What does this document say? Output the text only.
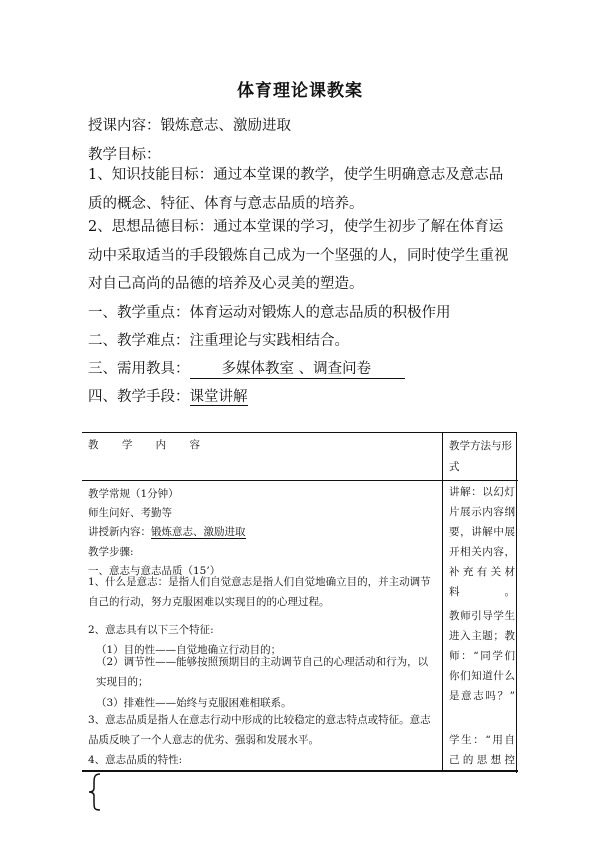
体育理论课教案
授课内容：锻炼意志、激励进取
教学目标：
1、知识技能目标：通过本堂课的教学，使学生明确意志及意志品质的概念、特征、体育与意志品质的培养。
2、思想品德目标：通过本堂课的学习，使学生初步了解在体育运动中采取适当的手段锻炼自己成为一个坚强的人，同时使学生重视对自己高尚的品德的培养及心灵美的塑造。
一、教学重点：体育运动对锻炼人的意志品质的积极作用
二、教学难点：注重理论与实践相结合。
三、需用教具： 多媒体教室 、调查问卷
四、教学手段：课堂讲解
教 学 内 容	教学方法与形式
教学常规（1分钟）
师生问好、考勤等
讲授新内容：锻炼意志、激励进取
教学步骤:
一、意志与意志品质（15’）
1、什么是意志：是指人们自觉意志是指人们自觉地确立目的，并主动调节自己的行动，努力克服困难以实现目的的心理过程。
2、意志具有以下三个特征:
（1）目的性——自觉地确立行动目的；
（2）调节性——能够按照预期目的主动调节自己的心理活动和行为，以实现目的；
（3）排难性——始终与克服困难相联系。
3、意志品质是指人在意志行动中形成的比较稳定的意志特点或特征。意志品质反映了一个人意志的优劣、强弱和发展水平。
4、意志品质的特性:
讲解：以幻灯片展示内容纲要，讲解中展开相关内容，补充有关材料。
教师引导学生进入主题；教师：“同学们你们知道什么是意志吗？”
学生：“用自己的思想控
